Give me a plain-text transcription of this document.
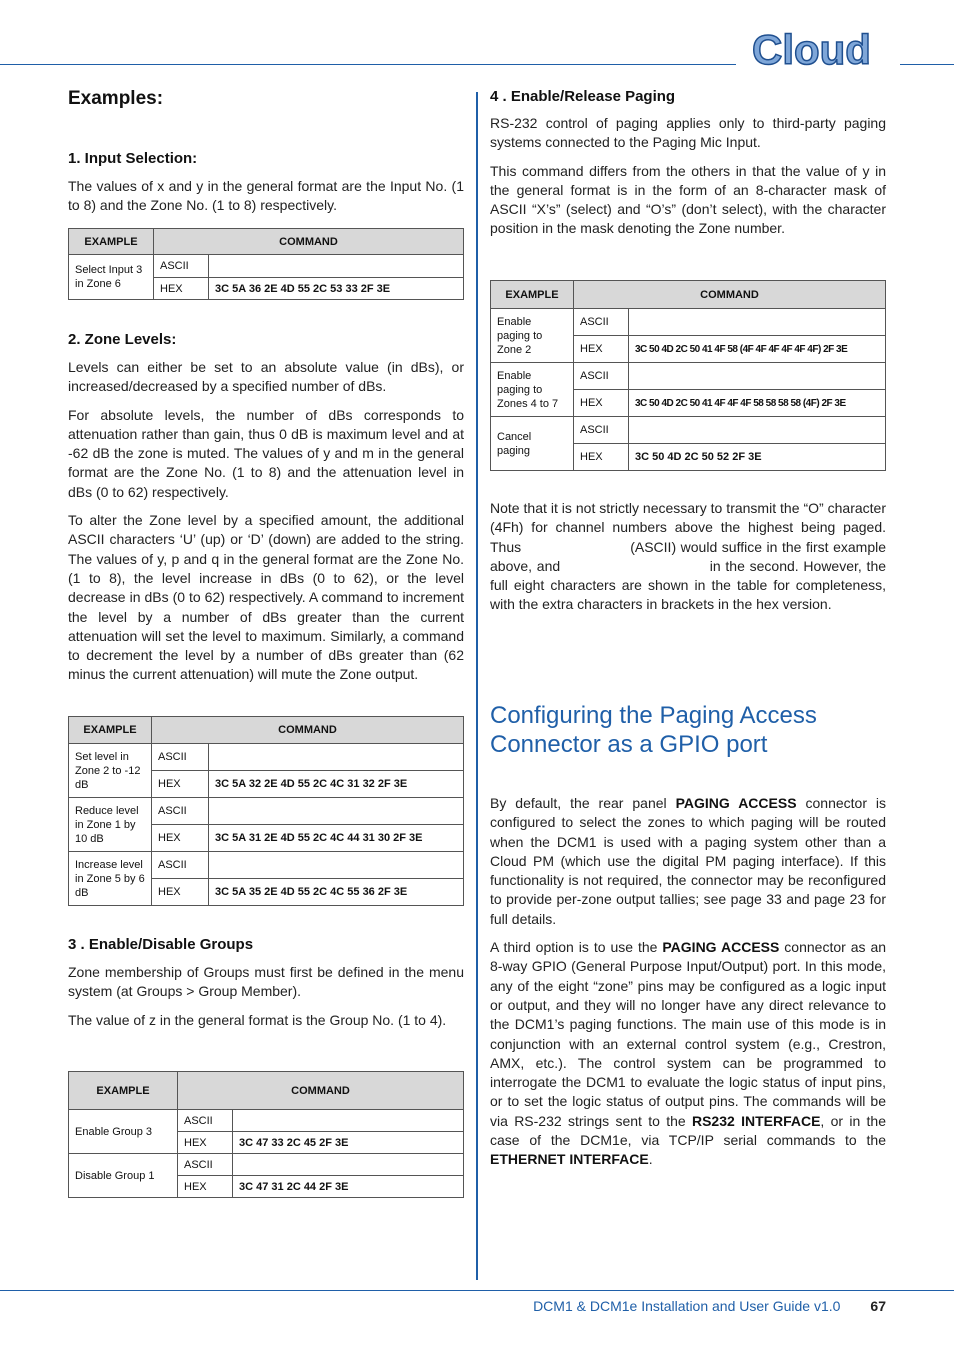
Cloud
Examples:
1. Input Selection:

The values of x and y in the general format are the Input No. (1 to 8) and the Zone No. (1 to 8) respectively.

EXAMPLE	COMMAND	
Select Input 3 in Zone 6	ASCII	
	HEX	3C 5A 36 2E 4D 55 2C 53 33 2F 3E
2. Zone Levels:

Levels can either be set to an absolute value (in dBs), or increased/decreased by a specified number of dBs.

For absolute levels, the number of dBs corresponds to attenuation rather than gain, thus 0 dB is maximum level and at -62 dB the zone is muted. The values of y and m in the general format are the Zone No. (1 to 8) and the attenuation level in dBs (0 to 62) respectively.

To alter the Zone level by a specified amount, the additional ASCII characters ‘U’ (up) or ‘D’ (down) are added to the string. The values of y, p and q in the general format are the Zone No. (1 to 8), the level increase in dBs (0 to 62), or the level decrease in dBs (0 to 62) respectively. A command to increment the level by a number of dBs greater than the current attenuation will set the level to maximum. Similarly, a command to decrement the level by a number of dBs greater than (62 minus the current attenuation) will mute the Zone output.

EXAMPLE	COMMAND	
Set level in Zone 2 to -12 dB	ASCII	
	HEX	3C 5A 32 2E 4D 55 2C 4C 31 32 2F 3E
Reduce level in Zone 1 by 10 dB	ASCII	
	HEX	3C 5A 31 2E 4D 55 2C 4C 44 31 30 2F 3E
Increase level in Zone 5 by 6 dB	ASCII	
	HEX	3C 5A 35 2E 4D 55 2C 4C 55 36 2F 3E
3 . Enable/Disable Groups

Zone membership of Groups must first be defined in the menu system (at Groups > Group Member).

The value of z in the general format is the Group No. (1 to 4).

EXAMPLE	COMMAND	
Enable Group 3	ASCII	
	HEX	3C 47 33 2C 45 2F 3E
Disable Group 1	ASCII	
	HEX	3C 47 31 2C 44 2F 3E
4 . Enable/Release Paging

RS-232 control of paging applies only to third-party paging systems connected to the Paging Mic Input.

This command differs from the others in that the value of y in the general format is in the form of an 8-character mask of ASCII “X’s” (select) and “O’s” (don’t select), with the character position in the mask denoting the Zone number.

EXAMPLE	COMMAND	
Enable paging to Zone 2	ASCII	
	HEX	3C 50 4D 2C 50 41 4F 58 (4F 4F 4F 4F 4F 4F) 2F 3E
Enable paging to Zones 4 to 7	ASCII	
	HEX	3C 50 4D 2C 50 41 4F 4F 4F 58 58 58 58 (4F) 2F 3E
Cancel paging	ASCII	
	HEX	3C 50 4D 2C 50 52 2F 3E

Note that it is not strictly necessary to transmit the “O” character (4Fh) for channel numbers above the highest being paged. Thus	(ASCII) would suffice in the first example above, and	in the second. However, the full eight characters are shown in the table for completeness, with the extra characters in brackets in the hex version.

Configuring the Paging Access
Connector as a GPIO port

By default, the rear panel PAGING ACCESS connector is configured to select the zones to which paging will be routed when the DCM1 is used with a paging system other than a Cloud PM (which use the digital PM paging interface). If this functionality is not required, the connector may be reconfigured to provide per-zone output tallies; see page 33 and page 23 for full details.

A third option is to use the PAGING ACCESS connector as an 8-way GPIO (General Purpose Input/Output) port. In this mode, any of the eight “zone” pins may be configured as a logic input or output, and they will no longer have any direct relevance to the DCM1’s paging functions. The main use of this mode is in conjunction with an external control system (e.g., Crestron, AMX, etc.). The control system can be programmed to interrogate the DCM1 to evaluate the logic status of input pins, or to set the logic status of output pins. The commands will be via RS-232 strings sent to the RS232 INTERFACE, or in the case of the DCM1e, via TCP/IP serial commands to the ETHERNET INTERFACE.

DCM1 & DCM1e Installation and User Guide v1.0 67
